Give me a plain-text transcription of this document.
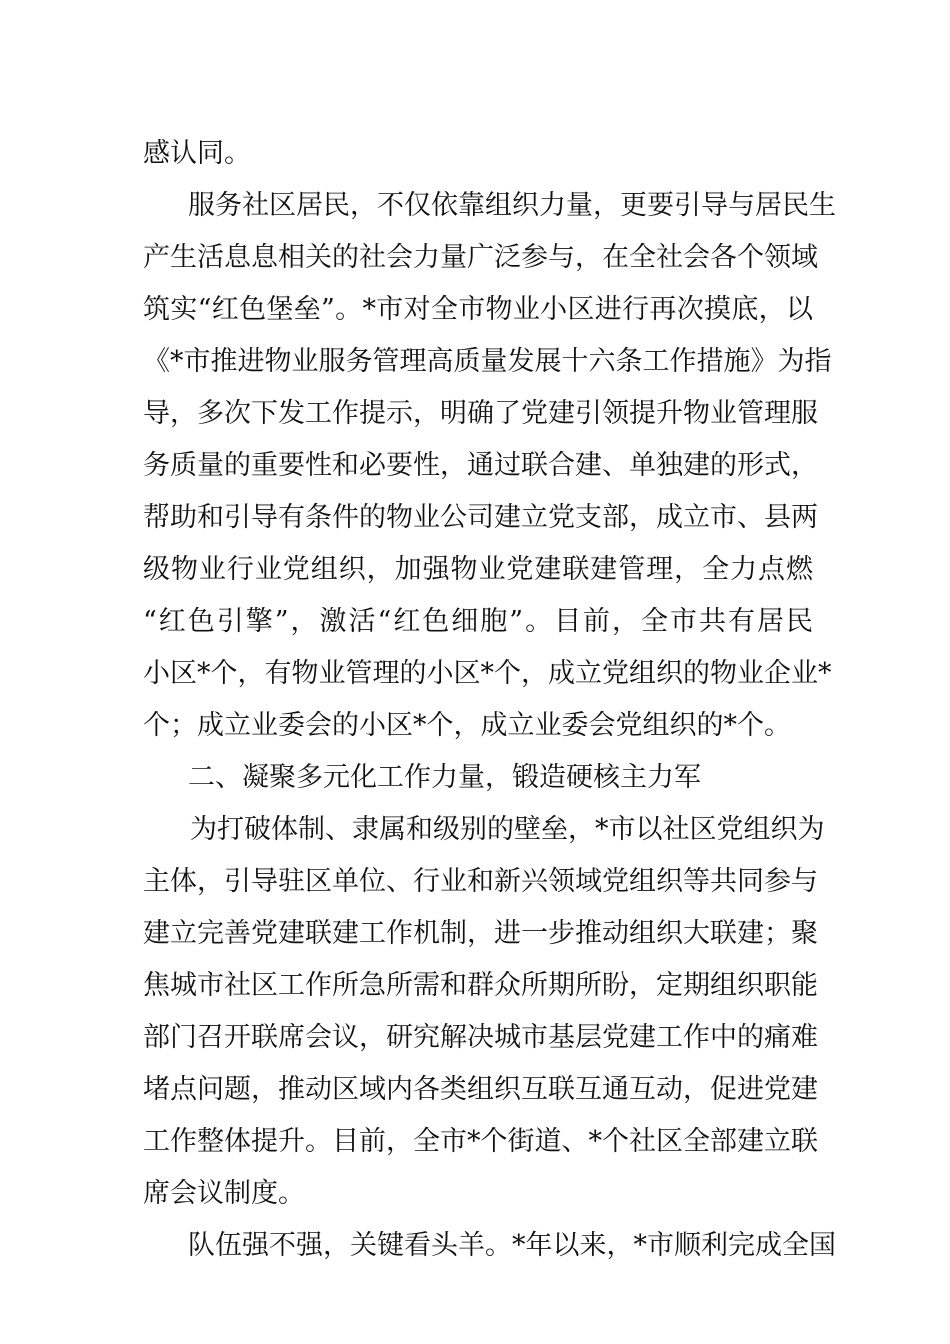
感认同。
服务社区居民，不仅依靠组织力量，更要引导与居民生
产生活息息相关的社会力量广泛参与，在全社会各个领域
筑实“红色堡垒”。*市对全市物业小区进行再次摸底，以
《*市推进物业服务管理高质量发展十六条工作措施》为指
导，多次下发工作提示，明确了党建引领提升物业管理服
务质量的重要性和必要性，通过联合建、单独建的形式，
帮助和引导有条件的物业公司建立党支部，成立市、县两
级物业行业党组织，加强物业党建联建管理，全力点燃
“红色引擎”，激活“红色细胞”。目前，全市共有居民
小区*个，有物业管理的小区*个，成立党组织的物业企业*
个；成立业委会的小区*个，成立业委会党组织的*个。
二、凝聚多元化工作力量，锻造硬核主力军
为打破体制、隶属和级别的壁垒，*市以社区党组织为
主体，引导驻区单位、行业和新兴领域党组织等共同参与
建立完善党建联建工作机制，进一步推动组织大联建；聚
焦城市社区工作所急所需和群众所期所盼，定期组织职能
部门召开联席会议，研究解决城市基层党建工作中的痛难
堵点问题，推动区域内各类组织互联互通互动，促进党建
工作整体提升。目前，全市*个街道、*个社区全部建立联
席会议制度。
队伍强不强，关键看头羊。*年以来，*市顺利完成全国
